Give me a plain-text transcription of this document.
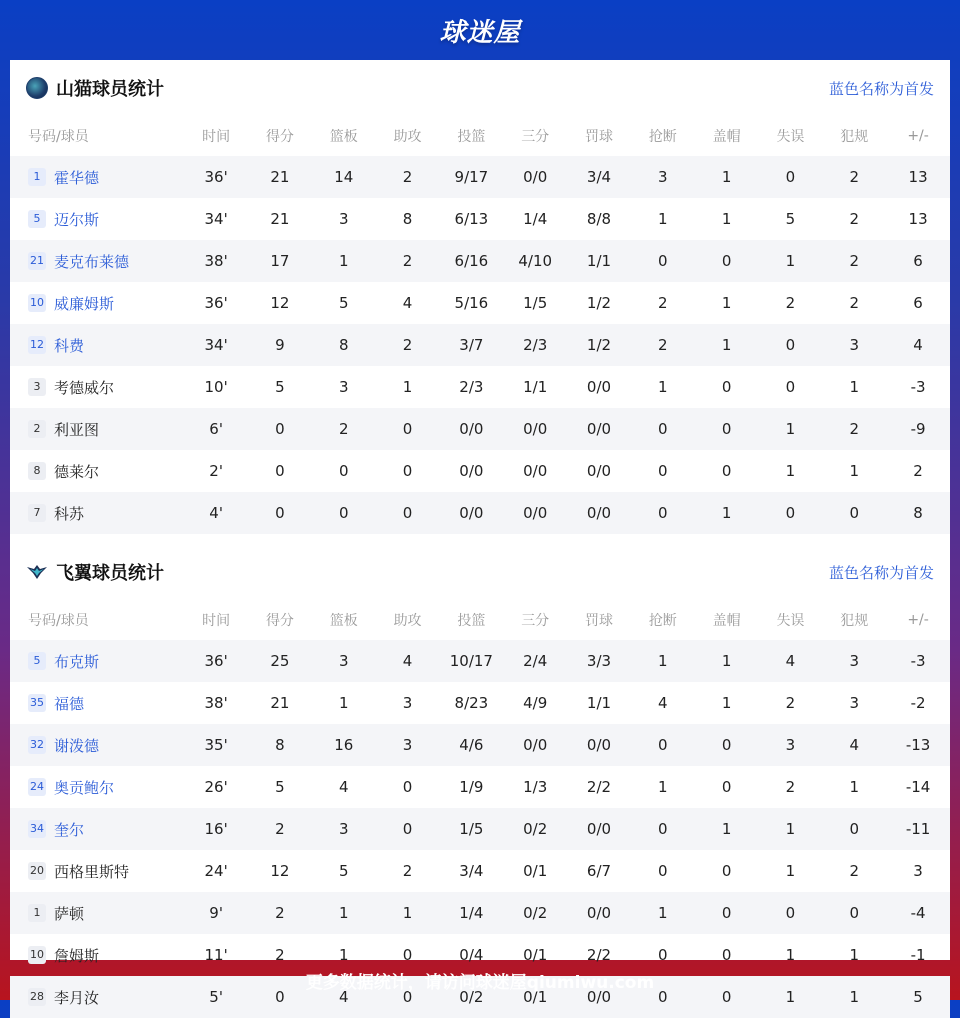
球迷屋
山猫球员统计	蓝色名称为首发
号码/球员	时间	得分	篮板	助攻	投篮	三分	罚球	抢断	盖帽	失误	犯规	+/-
1 霍华德	36'	21	14	2	9/17	0/0	3/4	3	1	0	2	13
5 迈尔斯	34'	21	3	8	6/13	1/4	8/8	1	1	5	2	13
21 麦克布莱德	38'	17	1	2	6/16	4/10	1/1	0	0	1	2	6
10 威廉姆斯	36'	12	5	4	5/16	1/5	1/2	2	1	2	2	6
12 科费	34'	9	8	2	3/7	2/3	1/2	2	1	0	3	4
3 考德威尔	10'	5	3	1	2/3	1/1	0/0	1	0	0	1	-3
2 利亚图	6'	0	2	0	0/0	0/0	0/0	0	0	1	2	-9
8 德莱尔	2'	0	0	0	0/0	0/0	0/0	0	0	1	1	2
7 科苏	4'	0	0	0	0/0	0/0	0/0	0	1	0	0	8
飞翼球员统计	蓝色名称为首发
号码/球员	时间	得分	篮板	助攻	投篮	三分	罚球	抢断	盖帽	失误	犯规	+/-
5 布克斯	36'	25	3	4	10/17	2/4	3/3	1	1	4	3	-3
35 福德	38'	21	1	3	8/23	4/9	1/1	4	1	2	3	-2
32 谢泼德	35'	8	16	3	4/6	0/0	0/0	0	0	3	4	-13
24 奥贡鲍尔	26'	5	4	0	1/9	1/3	2/2	1	0	2	1	-14
34 奎尔	16'	2	3	0	1/5	0/2	0/0	0	1	1	0	-11
20 西格里斯特	24'	12	5	2	3/4	0/1	6/7	0	0	1	2	3
1 萨顿	9'	2	1	1	1/4	0/2	0/0	1	0	0	0	-4
10 詹姆斯	11'	2	1	0	0/4	0/1	2/2	0	0	1	1	-1
28 李月汝	5'	0	4	0	0/2	0/1	0/0	0	0	1	1	5
更多数据统计，请访问球迷屋qiumiwu.com
